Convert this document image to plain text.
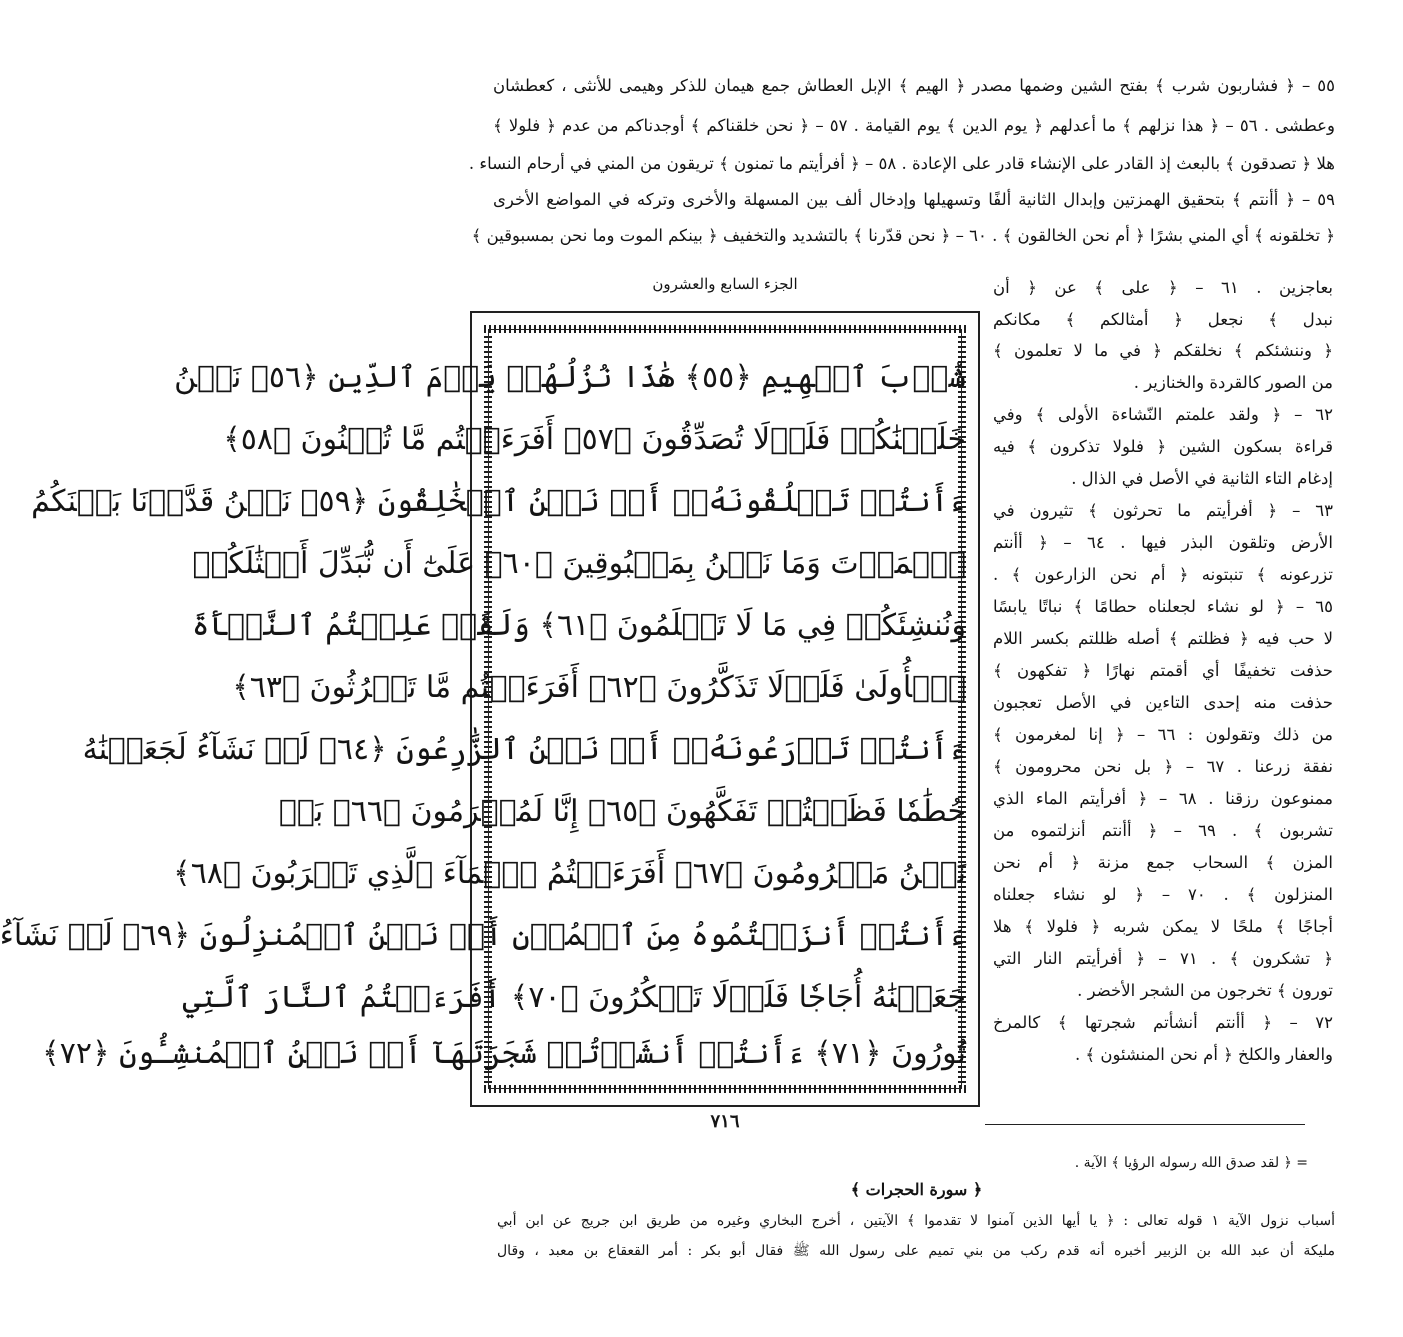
٥٥ – ﴿ فشاربون شرب ﴾ بفتح الشين وضمها مصدر ﴿ الهيم ﴾ الإبل العطاش جمع هيمان للذكر وهيمى للأنثى ، كعطشان
وعطشى . ٥٦ – ﴿ هذا نزلهم ﴾ ما أعدلهم ﴿ يوم الدين ﴾ يوم القيامة . ٥٧ – ﴿ نحن خلقناكم ﴾ أوجدناكم من عدم ﴿ فلولا ﴾
هلا ﴿ تصدقون ﴾ بالبعث إذ القادر على الإنشاء قادر على الإعادة . ٥٨ – ﴿ أفرأيتم ما تمنون ﴾ تريقون من المني في أرحام النساء .
٥٩ – ﴿ أأنتم ﴾ بتحقيق الهمزتين وإبدال الثانية ألفًا وتسهيلها وإدخال ألف بين المسهلة والأخرى وتركه في المواضع الأخرى
﴿ تخلقونه ﴾ أي المني بشرًا ﴿ أم نحن الخالقون ﴾ . ٦٠ – ﴿ نحن قدّرنا ﴾ بالتشديد والتخفيف ﴿ بينكم الموت وما نحن بمسبوقين ﴾
الجزء السابع والعشرون
شُرۡبَ ٱلۡهِيمِ ﴿٥٥﴾ هَٰذَا نُزُلُهُمۡ يَوۡمَ ٱلدِّينِ ﴿٥٦﴾ نَحۡنُ
خَلَقۡنَٰكُمۡ فَلَوۡلَا تُصَدِّقُونَ ﴿٥٧﴾ أَفَرَءَيۡتُم مَّا تُمۡنُونَ ﴿٥٨﴾
ءَأَنتُمۡ تَخۡلُقُونَهُۥٓ أَمۡ نَحۡنُ ٱلۡخَٰلِقُونَ ﴿٥٩﴾ نَحۡنُ قَدَّرۡنَا بَيۡنَكُمُ
ٱلۡمَوۡتَ وَمَا نَحۡنُ بِمَسۡبُوقِينَ ﴿٦٠﴾ عَلَىٰٓ أَن نُّبَدِّلَ أَمۡثَٰلَكُمۡ
وَنُنشِئَكُمۡ فِي مَا لَا تَعۡلَمُونَ ﴿٦١﴾ وَلَقَدۡ عَلِمۡتُمُ ٱلنَّشۡأَةَ
ٱلۡأُولَىٰ فَلَوۡلَا تَذَكَّرُونَ ﴿٦٢﴾ أَفَرَءَيۡتُم مَّا تَحۡرُثُونَ ﴿٦٣﴾
ءَأَنتُمۡ تَزۡرَعُونَهُۥٓ أَمۡ نَحۡنُ ٱلزَّٰرِعُونَ ﴿٦٤﴾ لَوۡ نَشَآءُ لَجَعَلۡنَٰهُ
حُطَٰمٗا فَظَلۡتُمۡ تَفَكَّهُونَ ﴿٦٥﴾ إِنَّا لَمُغۡرَمُونَ ﴿٦٦﴾ بَلۡ
نَحۡنُ مَحۡرُومُونَ ﴿٦٧﴾ أَفَرَءَيۡتُمُ ٱلۡمَآءَ ٱلَّذِي تَشۡرَبُونَ ﴿٦٨﴾
ءَأَنتُمۡ أَنزَلۡتُمُوهُ مِنَ ٱلۡمُزۡنِ أَمۡ نَحۡنُ ٱلۡمُنزِلُونَ ﴿٦٩﴾ لَوۡ نَشَآءُ
جَعَلۡنَٰهُ أُجَاجٗا فَلَوۡلَا تَشۡكُرُونَ ﴿٧٠﴾ أَفَرَءَيۡتُمُ ٱلنَّارَ ٱلَّتِي
تُورُونَ ﴿٧١﴾ ءَأَنتُمۡ أَنشَأۡتُمۡ شَجَرَتَهَآ أَمۡ نَحۡنُ ٱلۡمُنشِـُٔونَ ﴿٧٢﴾
بعاجزين . ٦١ – ﴿ على ﴾ عن ﴿ أن
نبدل ﴾ نجعل ﴿ أمثالكم ﴾ مكانكم
﴿ وننشئكم ﴾ نخلقكم ﴿ في ما لا تعلمون ﴾
من الصور كالقردة والخنازير .
٦٢ – ﴿ ولقد علمتم النّشاءة الأولى ﴾ وفي
قراءة بسكون الشين ﴿ فلولا تذكرون ﴾ فيه
إدغام التاء الثانية في الأصل في الذال .
٦٣ – ﴿ أفرأيتم ما تحرثون ﴾ تثيرون في
الأرض وتلقون البذر فيها . ٦٤ – ﴿ أأنتم
تزرعونه ﴾ تنبتونه ﴿ أم نحن الزارعون ﴾ .
٦٥ – ﴿ لو نشاء لجعلناه حطامًا ﴾ نباتًا يابسًا
لا حب فيه ﴿ فظلتم ﴾ أصله ظللتم بكسر اللام
حذفت تخفيفًا أي أقمتم نهارًا ﴿ تفكهون ﴾
حذفت منه إحدى التاءين في الأصل تعجبون
من ذلك وتقولون : ٦٦ – ﴿ إنا لمغرمون ﴾
نفقة زرعنا . ٦٧ – ﴿ بل نحن محرومون ﴾
ممنوعون رزقنا . ٦٨ – ﴿ أفرأيتم الماء الذي
تشربون ﴾ . ٦٩ – ﴿ أأنتم أنزلتموه من
المزن ﴾ السحاب جمع مزنة ﴿ أم نحن
المنزلون ﴾ . ٧٠ – ﴿ لو نشاء جعلناه
أجاجًا ﴾ ملحًا لا يمكن شربه ﴿ فلولا ﴾ هلا
﴿ تشكرون ﴾ . ٧١ – ﴿ أفرأيتم النار التي
تورون ﴾ تخرجون من الشجر الأخضر .
٧٢ – ﴿ أأنتم أنشأتم شجرتها ﴾ كالمرخ
والعفار والكلخ ﴿ أم نحن المنشئون ﴾ .
٧١٦
= ﴿ لقد صدق الله رسوله الرؤيا ﴾ الآية .
﴿ سورة الحجرات ﴾
أسباب نزول الآية ١ قوله تعالى : ﴿ يا أيها الذين آمنوا لا تقدموا ﴾ الآيتين ، أخرج البخاري وغيره من طريق ابن جريج عن ابن أبي
مليكة أن عبد الله بن الزبير أخبره أنه قدم ركب من بني تميم على رسول الله ﷺ فقال أبو بكر : أمر القعقاع بن معبد ، وقال
